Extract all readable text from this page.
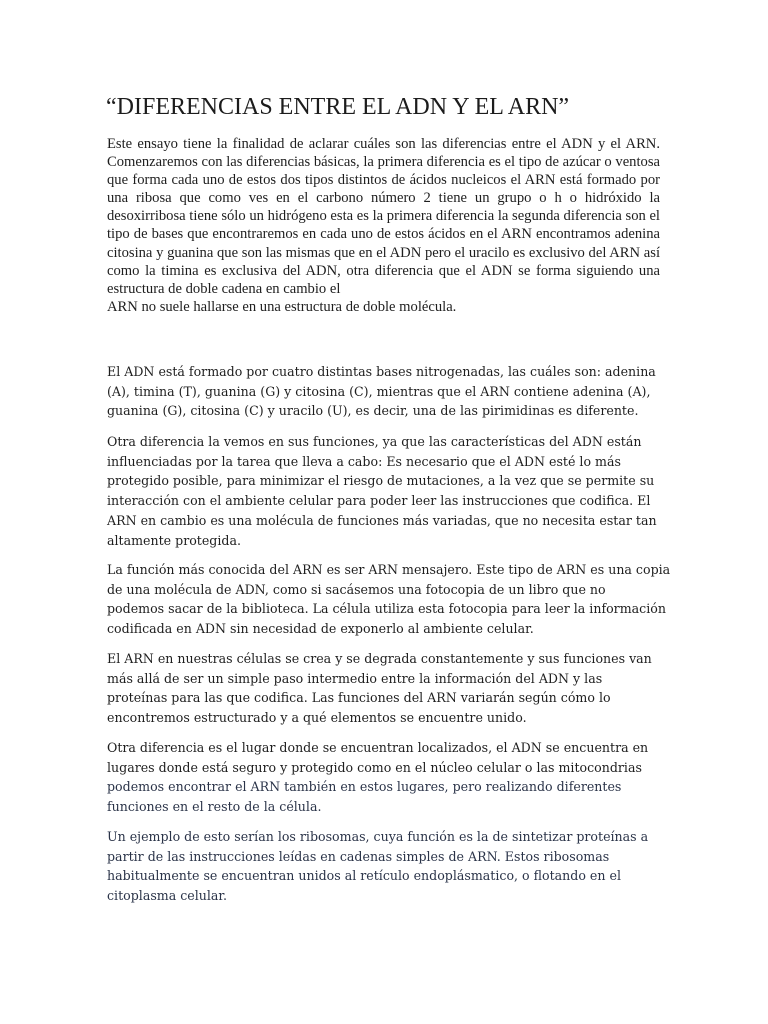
“DIFERENCIAS ENTRE EL ADN Y EL ARN”
Este ensayo tiene la finalidad de aclarar cuáles son las diferencias entre el ADN y el ARN.
Comenzaremos con las diferencias básicas, la primera diferencia es el tipo de azúcar o ventosa que forma cada uno de estos dos tipos distintos de ácidos nucleicos el ARN está formado por una ribosa que como ves en el carbono número 2 tiene un grupo o h o hidróxido la desoxirribosa tiene sólo un hidrógeno esta es la primera diferencia la segunda diferencia son el tipo de bases que encontraremos en cada uno de estos ácidos en el ARN encontramos adenina citosina y guanina que son las mismas que en el ADN pero el uracilo es exclusivo del ARN así como la timina es exclusiva del ADN, otra diferencia que el ADN se forma siguiendo una estructura de doble cadena en cambio el
ARN no suele hallarse en una estructura de doble molécula.
El ADN está formado por cuatro distintas bases nitrogenadas, las cuáles son: adenina
(A), timina (T), guanina (G) y citosina (C), mientras que el ARN contiene adenina (A),
guanina (G), citosina (C) y uracilo (U), es decir, una de las pirimidinas es diferente.
Otra diferencia la vemos en sus funciones, ya que las características del ADN están
influenciadas por la tarea que lleva a cabo: Es necesario que el ADN esté lo más
protegido posible, para minimizar el riesgo de mutaciones, a la vez que se permite su
interacción con el ambiente celular para poder leer las instrucciones que codifica. El
ARN en cambio es una molécula de funciones más variadas, que no necesita estar tan
altamente protegida.
La función más conocida del ARN es ser ARN mensajero. Este tipo de ARN es una copia
de una molécula de ADN, como si sacásemos una fotocopia de un libro que no
podemos sacar de la biblioteca. La célula utiliza esta fotocopia para leer la información
codificada en ADN sin necesidad de exponerlo al ambiente celular.
El ARN en nuestras células se crea y se degrada constantemente y sus funciones van
más allá de ser un simple paso intermedio entre la información del ADN y las
proteínas para las que codifica. Las funciones del ARN variarán según cómo lo
encontremos estructurado y a qué elementos se encuentre unido.
Otra diferencia es el lugar donde se encuentran localizados, el ADN se encuentra en
lugares donde está seguro y protegido como en el núcleo celular o las mitocondrias
podemos encontrar el ARN también en estos lugares, pero realizando diferentes
funciones en el resto de la célula.
Un ejemplo de esto serían los ribosomas, cuya función es la de sintetizar proteínas a
partir de las instrucciones leídas en cadenas simples de ARN. Estos ribosomas
habitualmente se encuentran unidos al retículo endoplásmatico, o flotando en el
citoplasma celular.
